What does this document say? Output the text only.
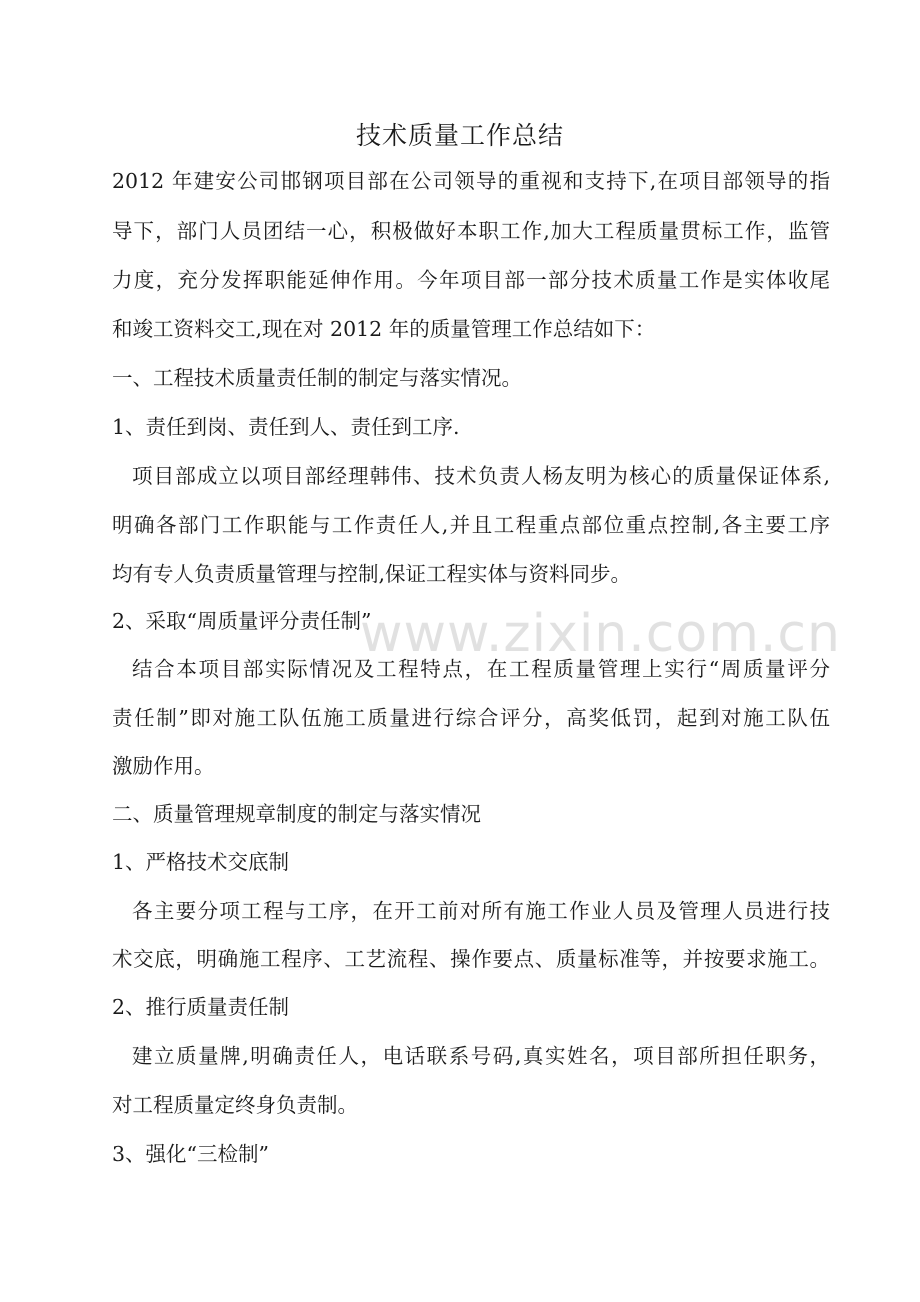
技术质量工作总结
2012 年建安公司邯钢项目部在公司领导的重视和支持下,在项目部领导的指
导下，部门人员团结一心，积极做好本职工作,加大工程质量贯标工作，监管
力度，充分发挥职能延伸作用。今年项目部一部分技术质量工作是实体收尾
和竣工资料交工,现在对 2012 年的质量管理工作总结如下：
一、工程技术质量责任制的制定与落实情况。
1、责任到岗、责任到人、责任到工序.
项目部成立以项目部经理韩伟、技术负责人杨友明为核心的质量保证体系,
明确各部门工作职能与工作责任人,并且工程重点部位重点控制,各主要工序
均有专人负责质量管理与控制,保证工程实体与资料同步。
2、采取“周质量评分责任制”
结合本项目部实际情况及工程特点，在工程质量管理上实行“周质量评分
责任制”即对施工队伍施工质量进行综合评分，高奖低罚，起到对施工队伍
激励作用。
二、质量管理规章制度的制定与落实情况
1、严格技术交底制
各主要分项工程与工序，在开工前对所有施工作业人员及管理人员进行技
术交底，明确施工程序、工艺流程、操作要点、质量标准等，并按要求施工。
2、推行质量责任制
建立质量牌,明确责任人，电话联系号码,真实姓名，项目部所担任职务，
对工程质量定终身负责制。
3、强化“三检制”
www.zixin.com.cn
